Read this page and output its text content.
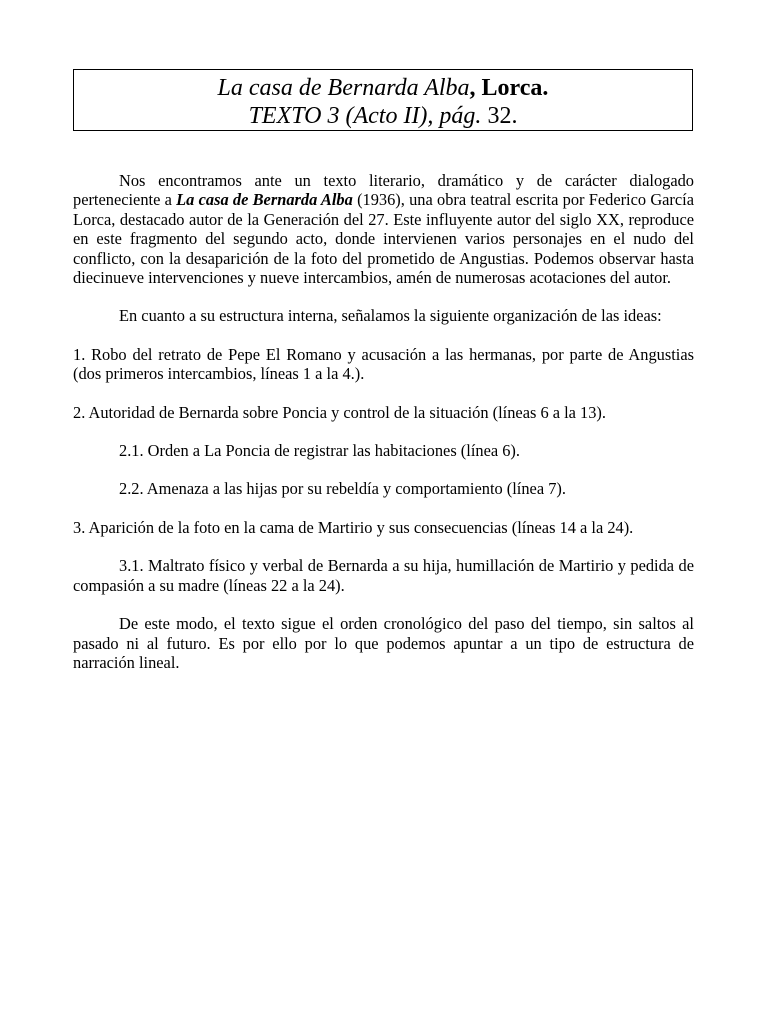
La casa de Bernarda Alba, Lorca.
TEXTO 3 (Acto II), pág. 32.

Nos encontramos ante un texto literario, dramático y de carácter dialogado perteneciente a La casa de Bernarda Alba (1936), una obra teatral escrita por Federico García Lorca, destacado autor de la Generación del 27. Este influyente autor del siglo XX, reproduce en este fragmento del segundo acto, donde intervienen varios personajes en el nudo del conflicto, con la desaparición de la foto del prometido de Angustias. Podemos observar hasta diecinueve intervenciones y nueve intercambios, amén de numerosas acotaciones del autor.

En cuanto a su estructura interna, señalamos la siguiente organización de las ideas:

1. Robo del retrato de Pepe El Romano y acusación a las hermanas, por parte de Angustias (dos primeros intercambios, líneas 1 a la 4.).

2. Autoridad de Bernarda sobre Poncia y control de la situación (líneas 6 a la 13).

2.1. Orden a La Poncia de registrar las habitaciones (línea 6).

2.2. Amenaza a las hijas por su rebeldía y comportamiento (línea 7).

3. Aparición de la foto en la cama de Martirio y sus consecuencias (líneas 14 a la 24).

3.1. Maltrato físico y verbal de Bernarda a su hija, humillación de Martirio y pedida de compasión a su madre (líneas 22 a la 24).

De este modo, el texto sigue el orden cronológico del paso del tiempo, sin saltos al pasado ni al futuro. Es por ello por lo que podemos apuntar a un tipo de estructura de narración lineal.
